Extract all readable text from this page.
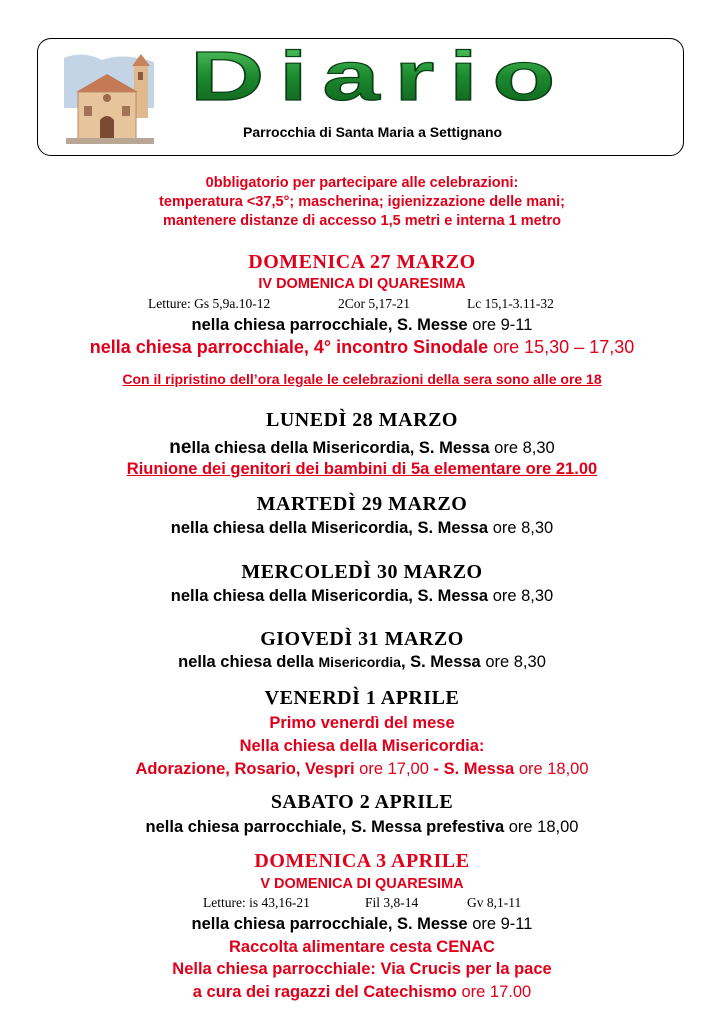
Diario
Parrocchia di Santa Maria a Settignano
0bbligatorio per partecipare alle celebrazioni:
temperatura <37,5°; mascherina; igienizzazione delle mani;
mantenere distanze di accesso 1,5 metri e interna 1 metro
DOMENICA 27 MARZO
IV DOMENICA DI QUARESIMA
Letture: Gs 5,9a.10-12	2Cor 5,17-21	Lc 15,1-3.11-32
nella chiesa parrocchiale, S. Messe ore 9-11
nella chiesa parrocchiale, 4° incontro Sinodale ore 15,30 – 17,30
Con il ripristino dell’ora legale le celebrazioni della sera sono alle ore 18
LUNEDÌ 28 MARZO
nella chiesa della Misericordia, S. Messa ore 8,30
Riunione dei genitori dei bambini di 5a elementare ore 21.00
MARTEDÌ 29 MARZO
nella chiesa della Misericordia, S. Messa ore 8,30
MERCOLEDÌ 30 MARZO
nella chiesa della Misericordia, S. Messa ore 8,30
GIOVEDÌ 31 MARZO
nella chiesa della Misericordia, S. Messa ore 8,30
VENERDÌ 1 APRILE
Primo venerdì del mese
Nella chiesa della Misericordia:
Adorazione, Rosario, Vespri ore 17,00 - S. Messa ore 18,00
SABATO 2 APRILE
nella chiesa parrocchiale, S. Messa prefestiva ore 18,00
DOMENICA 3 APRILE
V DOMENICA DI QUARESIMA
Letture: is 43,16-21	Fil 3,8-14	Gv 8,1-11
nella chiesa parrocchiale, S. Messe ore 9-11
Raccolta alimentare cesta CENAC
Nella chiesa parrocchiale: Via Crucis per la pace
a cura dei ragazzi del Catechismo ore 17.00
